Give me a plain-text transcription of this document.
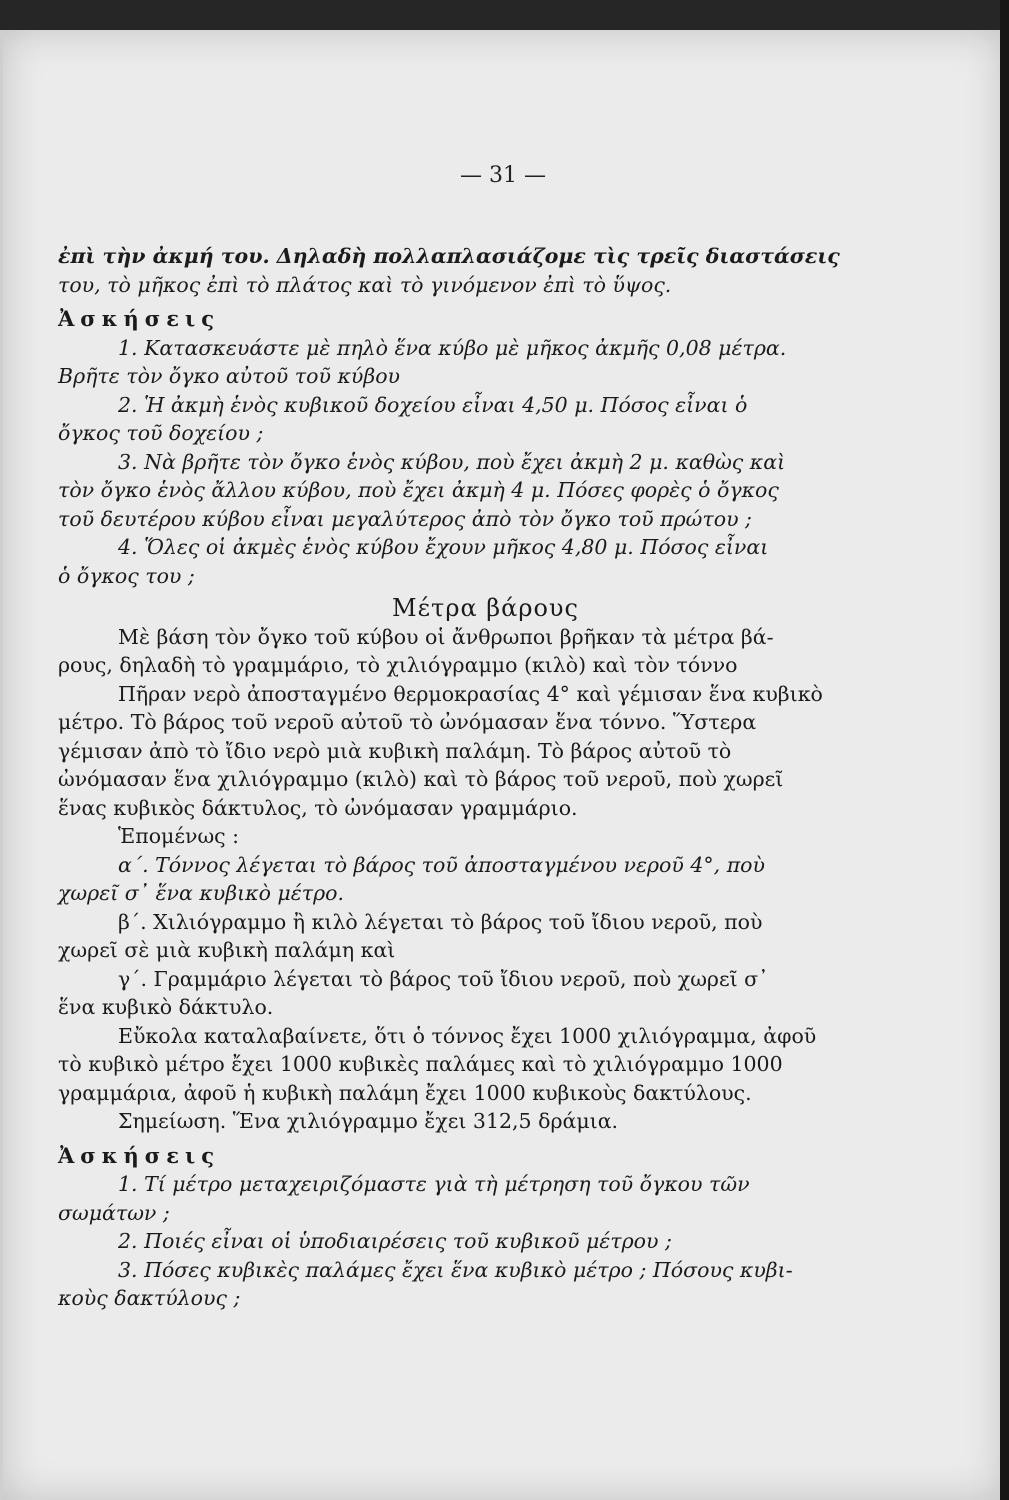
— 31 —
ἐπὶ τὴν ἀκμή του. Δηλαδὴ πολλαπλασιάζομε τὶς τρεῖς διαστάσεις
του, τὸ μῆκος ἐπὶ τὸ πλάτος καὶ τὸ γινόμενον ἐπὶ τὸ ὕψος.
Ἀσκήσεις
1. Κατασκευάστε μὲ πηλὸ ἕνα κύβο μὲ μῆκος ἀκμῆς 0,08 μέτρα.
Βρῆτε τὸν ὄγκο αὐτοῦ τοῦ κύβου
2. Ἡ ἀκμὴ ἑνὸς κυβικοῦ δοχείου εἶναι 4,50 μ. Πόσος εἶναι ὁ
ὄγκος τοῦ δοχείου ;
3. Νὰ βρῆτε τὸν ὄγκο ἑνὸς κύβου, ποὺ ἔχει ἀκμὴ 2 μ. καθὼς καὶ
τὸν ὄγκο ἑνὸς ἄλλου κύβου, ποὺ ἔχει ἀκμὴ 4 μ. Πόσες φορὲς ὁ ὄγκος
τοῦ δευτέρου κύβου εἶναι μεγαλύτερος ἀπὸ τὸν ὄγκο τοῦ πρώτου ;
4. Ὅλες οἱ ἀκμὲς ἑνὸς κύβου ἔχουν μῆκος 4,80 μ. Πόσος εἶναι
ὁ ὄγκος του ;
Μέτρα βάρους
Μὲ βάση τὸν ὄγκο τοῦ κύβου οἱ ἄνθρωποι βρῆκαν τὰ μέτρα βά-
ρους, δηλαδὴ τὸ γραμμάριο, τὸ χιλιόγραμμο (κιλὸ) καὶ τὸν τόννο
Πῆραν νερὸ ἀποσταγμένο θερμοκρασίας 4° καὶ γέμισαν ἕνα κυβικὸ
μέτρο. Τὸ βάρος τοῦ νεροῦ αὐτοῦ τὸ ὠνόμασαν ἕνα τόννο. Ὕστερα
γέμισαν ἀπὸ τὸ ἴδιο νερὸ μιὰ κυβικὴ παλάμη. Τὸ βάρος αὐτοῦ τὸ
ὠνόμασαν ἕνα χιλιόγραμμο (κιλὸ) καὶ τὸ βάρος τοῦ νεροῦ, ποὺ χωρεῖ
ἕνας κυβικὸς δάκτυλος, τὸ ὠνόμασαν γραμμάριο.
Ἑπομένως :
α΄. Τόννος λέγεται τὸ βάρος τοῦ ἀποσταγμένου νεροῦ 4°, ποὺ
χωρεῖ σ᾽ ἕνα κυβικὸ μέτρο.
β΄. Χιλιόγραμμο ἢ κιλὸ λέγεται τὸ βάρος τοῦ ἴδιου νεροῦ, ποὺ
χωρεῖ σὲ μιὰ κυβικὴ παλάμη καὶ
γ΄. Γραμμάριο λέγεται τὸ βάρος τοῦ ἴδιου νεροῦ, ποὺ χωρεῖ σ᾽
ἕνα κυβικὸ δάκτυλο.
Εὔκολα καταλαβαίνετε, ὅτι ὁ τόννος ἔχει 1000 χιλιόγραμμα, ἀφοῦ
τὸ κυβικὸ μέτρο ἔχει 1000 κυβικὲς παλάμες καὶ τὸ χιλιόγραμμο 1000
γραμμάρια, ἀφοῦ ἡ κυβικὴ παλάμη ἔχει 1000 κυβικοὺς δακτύλους.
Σημείωση. Ἕνα χιλιόγραμμο ἔχει 312,5 δράμια.
Ἀσκήσεις
1. Τί μέτρο μεταχειριζόμαστε γιὰ τὴ μέτρηση τοῦ ὄγκου τῶν
σωμάτων ;
2. Ποιές εἶναι οἱ ὑποδιαιρέσεις τοῦ κυβικοῦ μέτρου ;
3. Πόσες κυβικὲς παλάμες ἔχει ἕνα κυβικὸ μέτρο ; Πόσους κυβι-
κοὺς δακτύλους ;
